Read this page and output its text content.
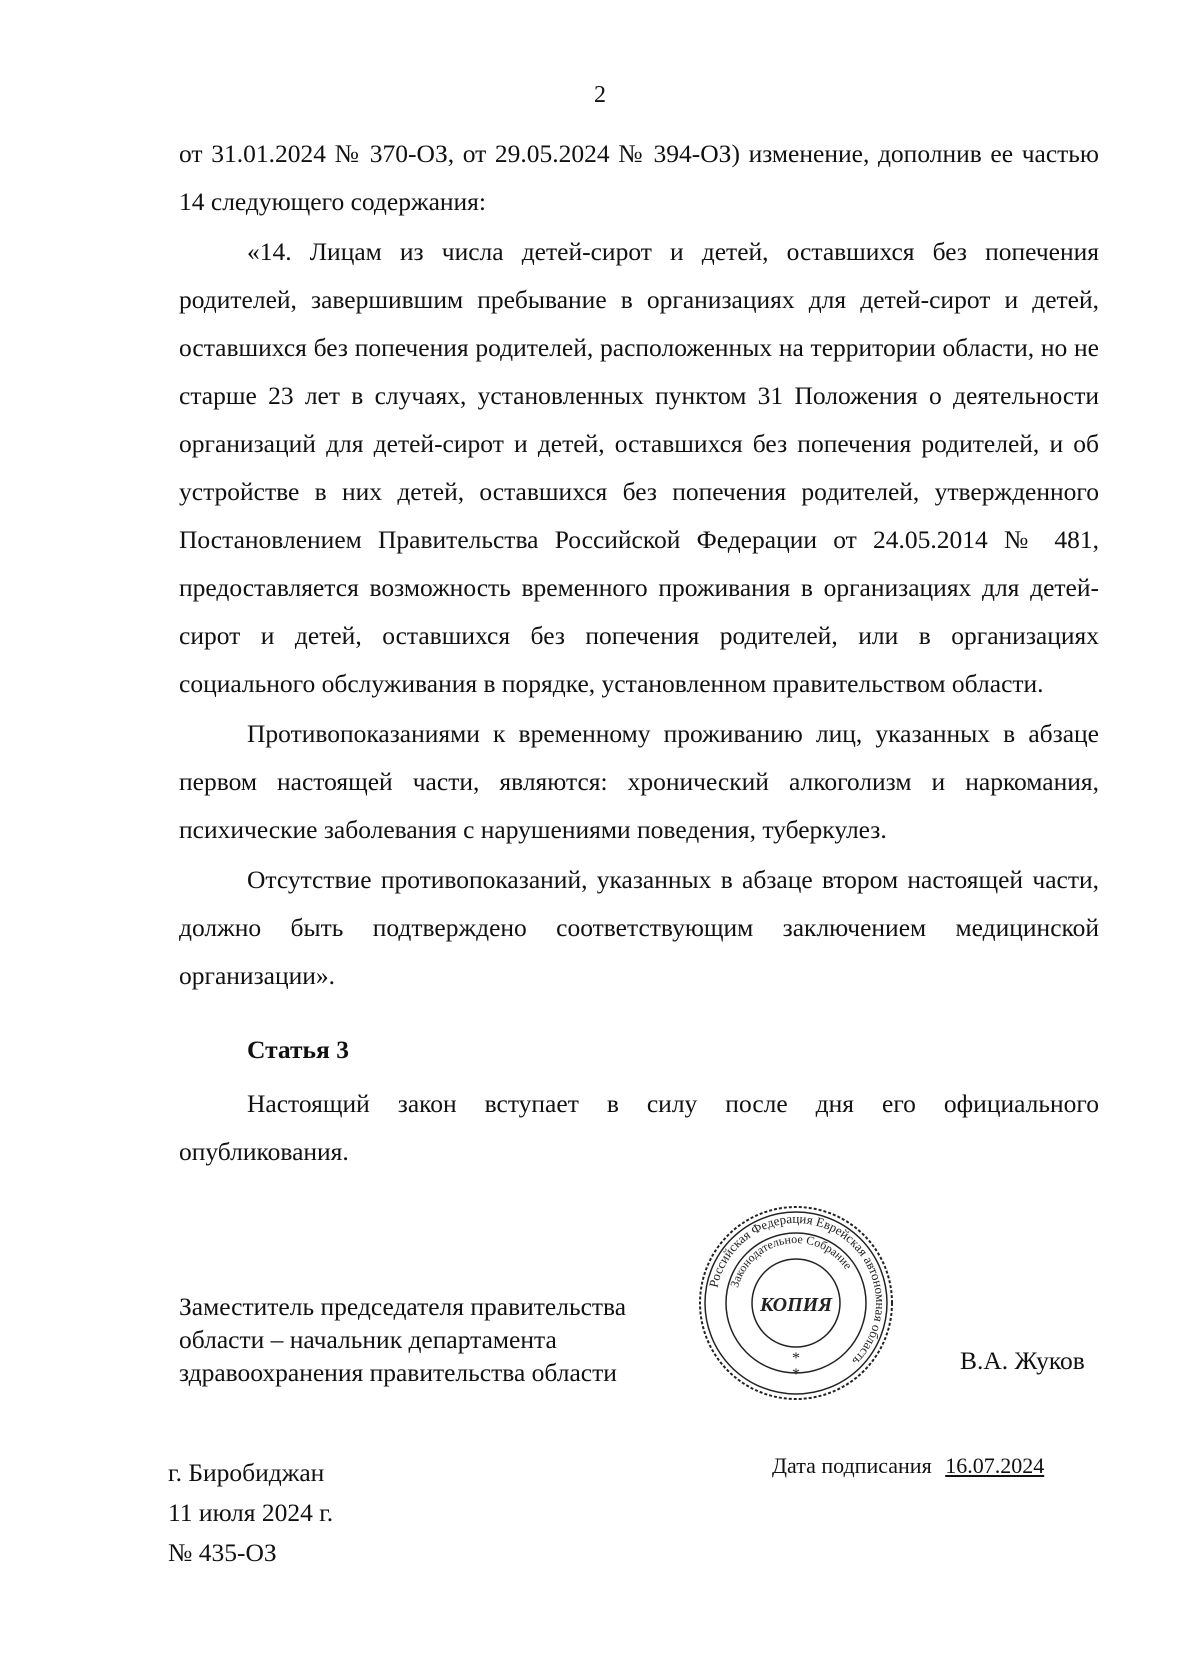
2

от 31.01.2024 № 370-ОЗ, от 29.05.2024 № 394-ОЗ) изменение, дополнив ее частью 14 следующего содержания:

«14. Лицам из числа детей-сирот и детей, оставшихся без попечения родителей, завершившим пребывание в организациях для детей-сирот и детей, оставшихся без попечения родителей, расположенных на территории области, но не старше 23 лет в случаях, установленных пунктом 31 Положения о деятельности организаций для детей-сирот и детей, оставшихся без попечения родителей, и об устройстве в них детей, оставшихся без попечения родителей, утвержденного Постановлением Правительства Российской Федерации от 24.05.2014 № 481, предоставляется возможность временного проживания в организациях для детей-сирот и детей, оставшихся без попечения родителей, или в организациях социального обслуживания в порядке, установленном правительством области.

Противопоказаниями к временному проживанию лиц, указанных в абзаце первом настоящей части, являются: хронический алкоголизм и наркомания, психические заболевания с нарушениями поведения, туберкулез.

Отсутствие противопоказаний, указанных в абзаце втором настоящей части, должно быть подтверждено соответствующим заключением медицинской организации».

Статья 3

Настоящий закон вступает в силу после дня его официального опубликования.

Заместитель председателя правительства
области – начальник департамента
здравоохранения правительства области	В.А. Жуков
Российская Федерация Еврейская автономная область
Законодательное Собрание
КОПИЯ
*
*
г. Биробиджан
11 июля 2024 г.
№ 435-ОЗ
Дата подписания 16.07.2024
